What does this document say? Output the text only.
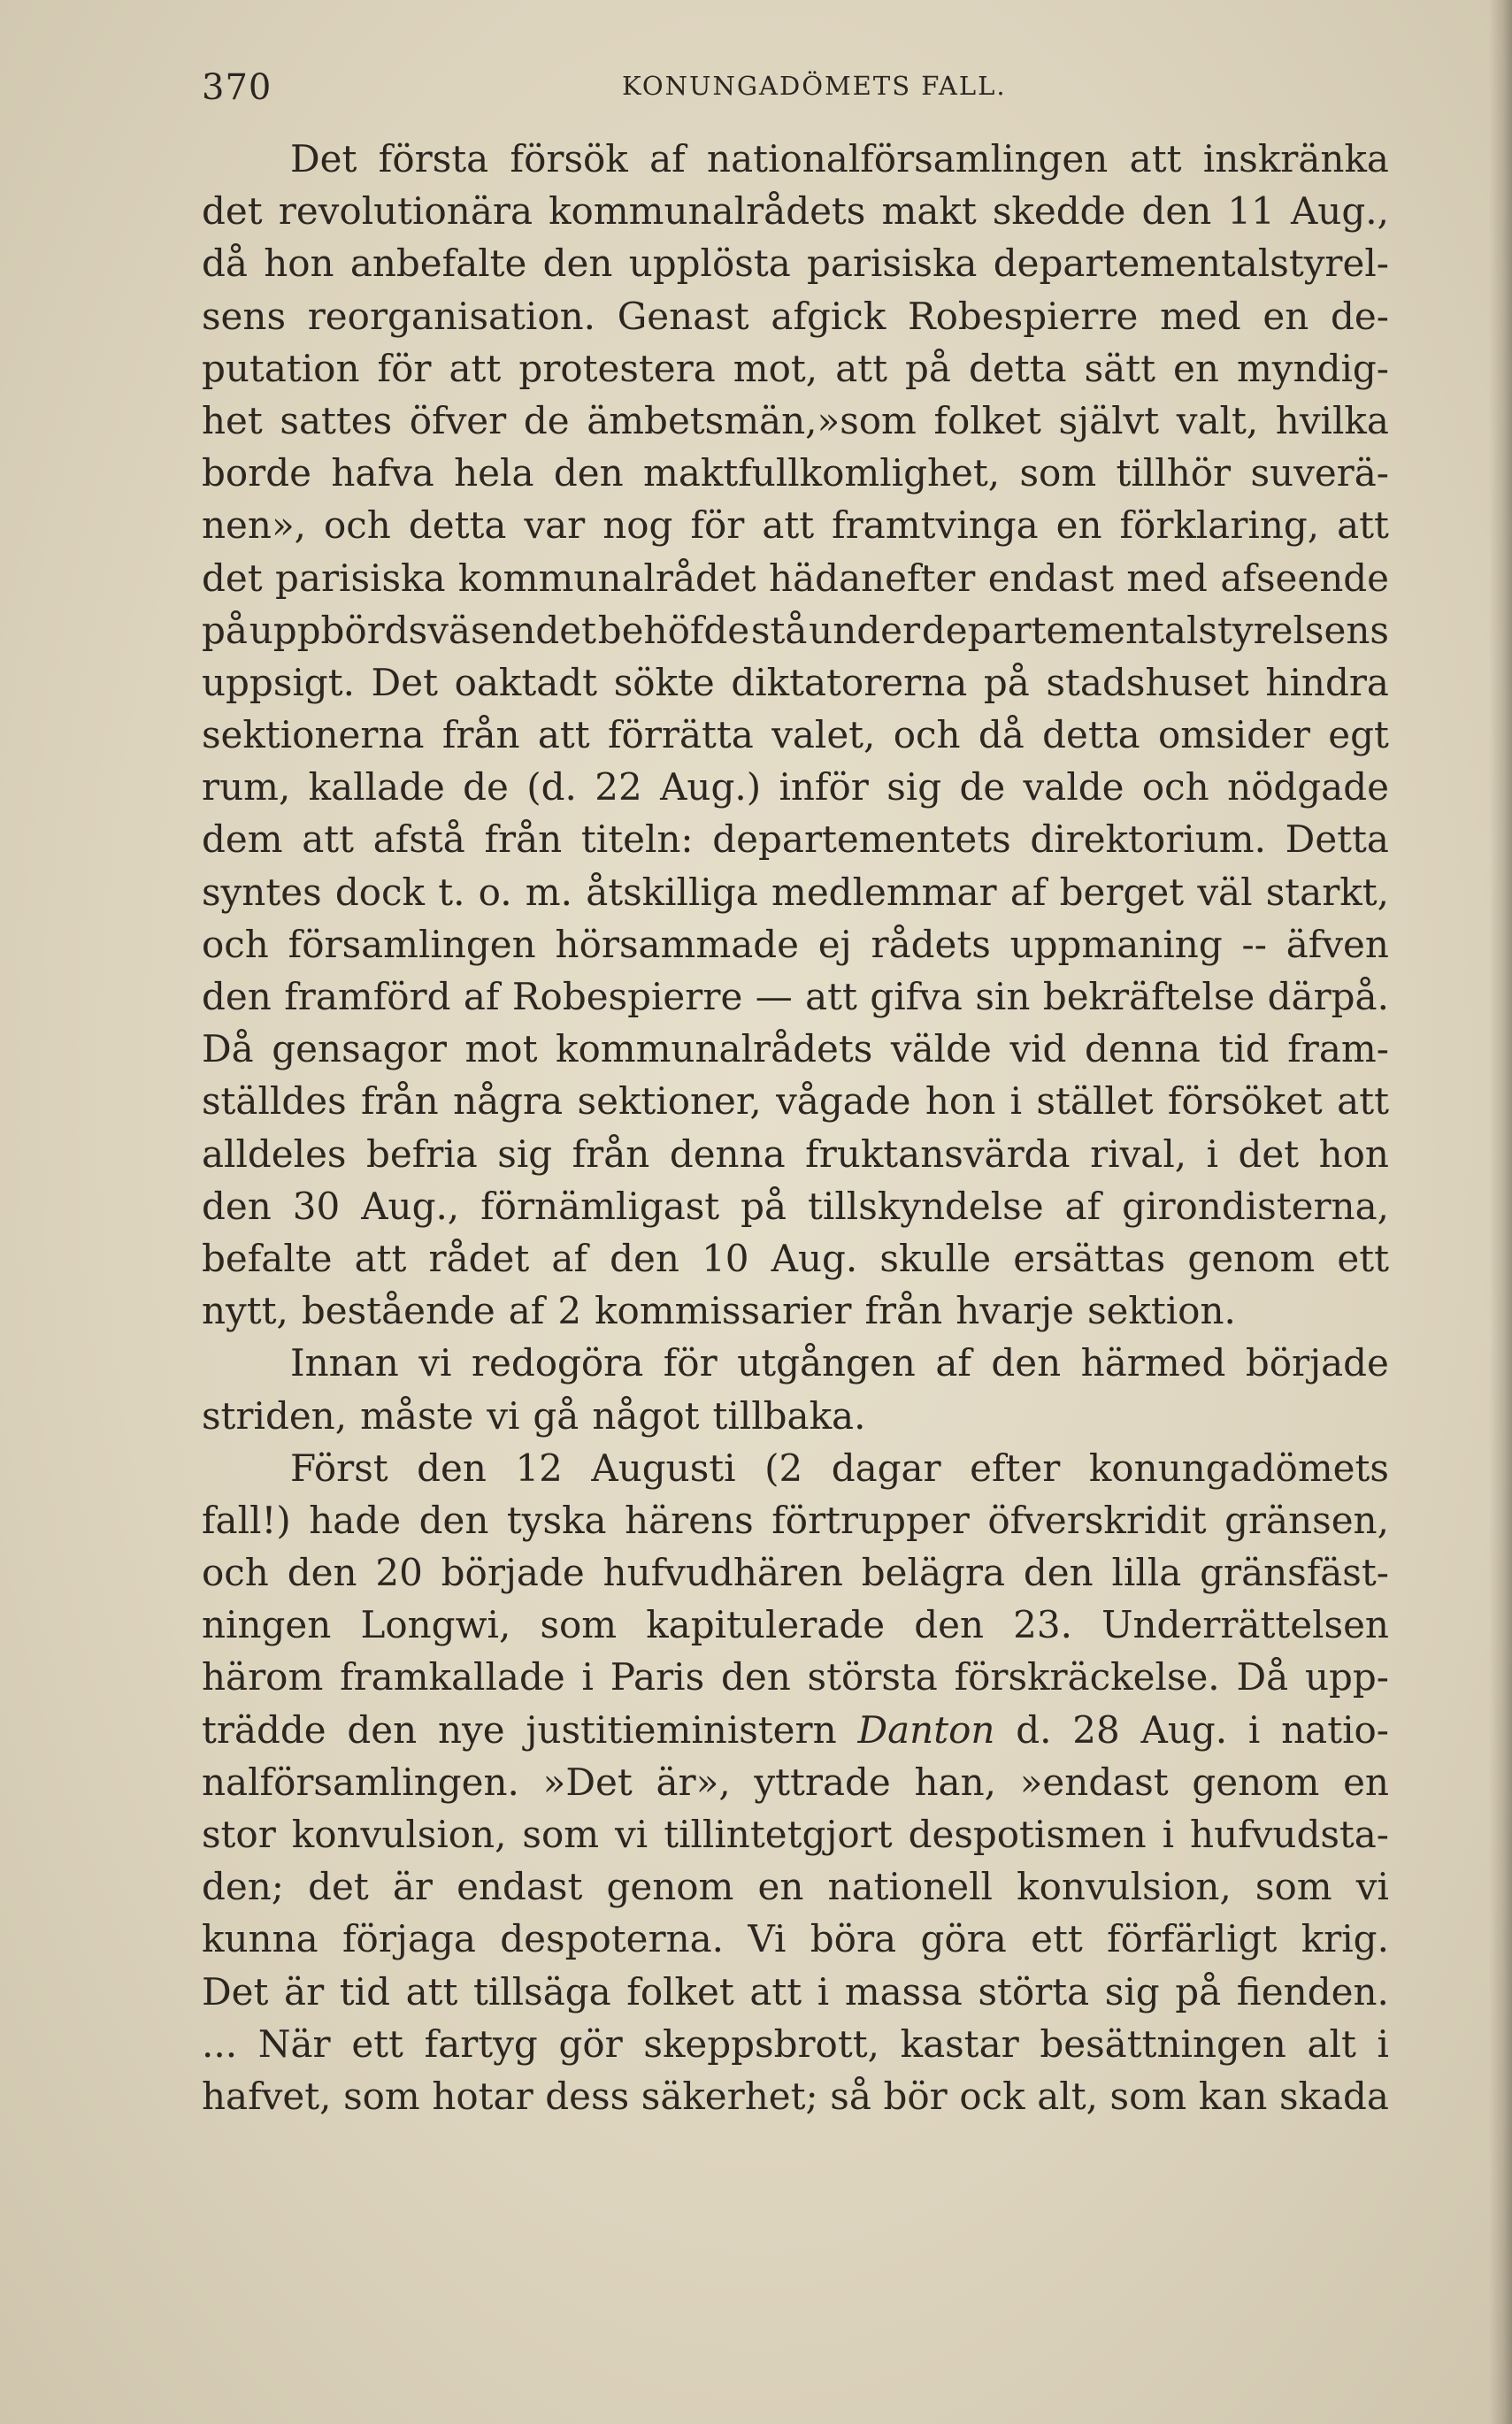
370	KONUNGADÖMETS FALL.
Det första försök af nationalförsamlingen att inskränka
det revolutionära kommunalrådets makt skedde den 11 Aug.,
då hon anbefalte den upplösta parisiska departementalstyrel-
sens reorganisation. Genast afgick Robespierre med en de-
putation för att protestera mot, att på detta sätt en myndig-
het sattes öfver de ämbetsmän,»som folket självt valt, hvilka
borde hafva hela den maktfullkomlighet, som tillhör suverä-
nen», och detta var nog för att framtvinga en förklaring, att
det parisiska kommunalrådet hädanefter endast med afseende
på uppbördsväsendet behöfde stå under departementalstyrelsens
uppsigt. Det oaktadt sökte diktatorerna på stadshuset hindra
sektionerna från att förrätta valet, och då detta omsider egt
rum, kallade de (d. 22 Aug.) inför sig de valde och nödgade
dem att afstå från titeln: departementets direktorium. Detta
syntes dock t. o. m. åtskilliga medlemmar af berget väl starkt,
och församlingen hörsammade ej rådets uppmaning -- äfven
den framförd af Robespierre — att gifva sin bekräftelse därpå.
Då gensagor mot kommunalrådets välde vid denna tid fram-
ställdes från några sektioner, vågade hon i stället försöket att
alldeles befria sig från denna fruktansvärda rival, i det hon
den 30 Aug., förnämligast på tillskyndelse af girondisterna,
befalte att rådet af den 10 Aug. skulle ersättas genom ett
nytt, bestående af 2 kommissarier från hvarje sektion.
Innan vi redogöra för utgången af den härmed började
striden, måste vi gå något tillbaka.
Först den 12 Augusti (2 dagar efter konungadömets
fall!) hade den tyska härens förtrupper öfverskridit gränsen,
och den 20 började hufvudhären belägra den lilla gränsfäst-
ningen Longwi, som kapitulerade den 23. Underrättelsen
härom framkallade i Paris den största förskräckelse. Då upp-
trädde den nye justitieministern Danton d. 28 Aug. i natio-
nalförsamlingen. »Det är», yttrade han, »endast genom en
stor konvulsion, som vi tillintetgjort despotismen i hufvudsta-
den; det är endast genom en nationell konvulsion, som vi
kunna förjaga despoterna. Vi böra göra ett förfärligt krig.
Det är tid att tillsäga folket att i massa störta sig på fienden.
... När ett fartyg gör skeppsbrott, kastar besättningen alt i
hafvet, som hotar dess säkerhet; så bör ock alt, som kan skada
